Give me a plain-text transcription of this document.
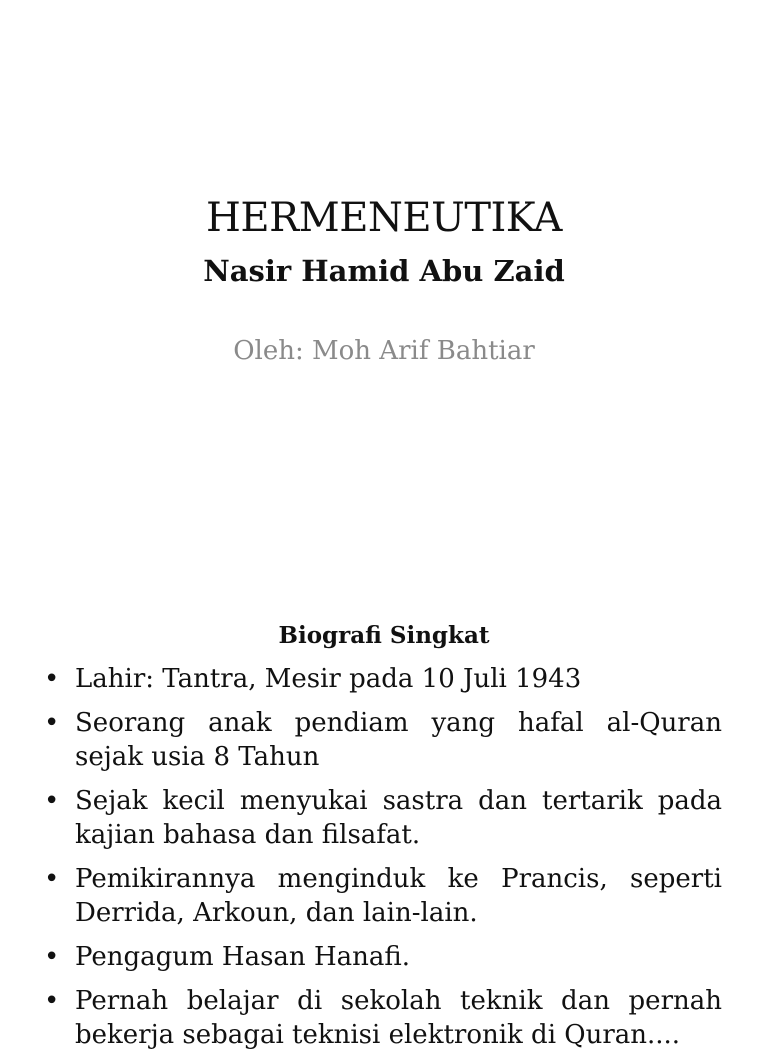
HERMENEUTIKA
Nasir Hamid Abu Zaid
Oleh: Moh Arif Bahtiar
Biografi Singkat
• Lahir: Tantra, Mesir pada 10 Juli 1943
• Seorang anak pendiam yang hafal al-Quran sejak usia 8 Tahun
• Sejak kecil menyukai sastra dan tertarik pada kajian bahasa dan filsafat.
• Pemikirannya menginduk ke Prancis, seperti Derrida, Arkoun, dan lain-lain.
• Pengagum Hasan Hanafi.
• Pernah belajar di sekolah teknik dan pernah bekerja sebagai teknisi elektronik di Quran....
